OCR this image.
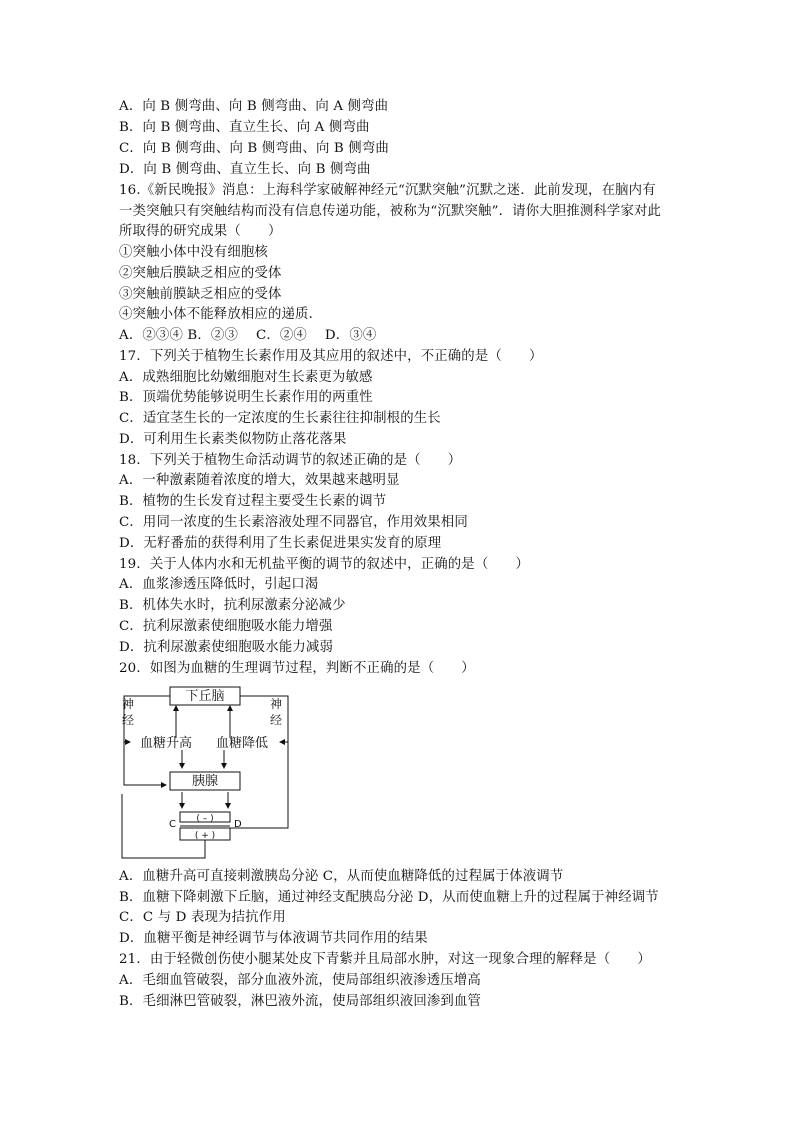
A．向 B 侧弯曲、向 B 侧弯曲、向 A 侧弯曲
B．向 B 侧弯曲、直立生长、向 A 侧弯曲
C．向 B 侧弯曲、向 B 侧弯曲、向 B 侧弯曲
D．向 B 侧弯曲、直立生长、向 B 侧弯曲
16.《新民晚报》消息：上海科学家破解神经元“沉默突触”沉默之迷．此前发现，在脑内有
一类突触只有突触结构而没有信息传递功能，被称为“沉默突触”．请你大胆推测科学家对此
所取得的研究成果（　　）
①突触小体中没有细胞核
②突触后膜缺乏相应的受体
③突触前膜缺乏相应的受体
④突触小体不能释放相应的递质．
A．②③④ B．②③　 C．②④　 D．③④
17．下列关于植物生长素作用及其应用的叙述中，不正确的是（　　）
A．成熟细胞比幼嫩细胞对生长素更为敏感
B．顶端优势能够说明生长素作用的两重性
C．适宜茎生长的一定浓度的生长素往往抑制根的生长
D．可利用生长素类似物防止落花落果
18．下列关于植物生命活动调节的叙述正确的是（　　）
A．一种激素随着浓度的增大，效果越来越明显
B．植物的生长发育过程主要受生长素的调节
C．用同一浓度的生长素溶液处理不同器官，作用效果相同
D．无籽番茄的获得利用了生长素促进果实发育的原理
19．关于人体内水和无机盐平衡的调节的叙述中，正确的是（　　）
A．血浆渗透压降低时，引起口渴
B．机体失水时，抗利尿激素分泌减少
C．抗利尿激素使细胞吸水能力增强
D．抗利尿激素使细胞吸水能力减弱
20．如图为血糖的生理调节过程，判断不正确的是（　　）
下丘脑
胰腺
神
经
神
经
血糖升高 血糖降低
( – )
( + )
C	D
A．血糖升高可直接刺激胰岛分泌 C，从而使血糖降低的过程属于体液调节
B．血糖下降刺激下丘脑，通过神经支配胰岛分泌 D，从而使血糖上升的过程属于神经调节
C．C 与 D 表现为拮抗作用
D．血糖平衡是神经调节与体液调节共同作用的结果
21．由于轻微创伤使小腿某处皮下青紫并且局部水肿，对这一现象合理的解释是（　　）
A．毛细血管破裂，部分血液外流，使局部组织液渗透压增高
B．毛细淋巴管破裂，淋巴液外流，使局部组织液回渗到血管
